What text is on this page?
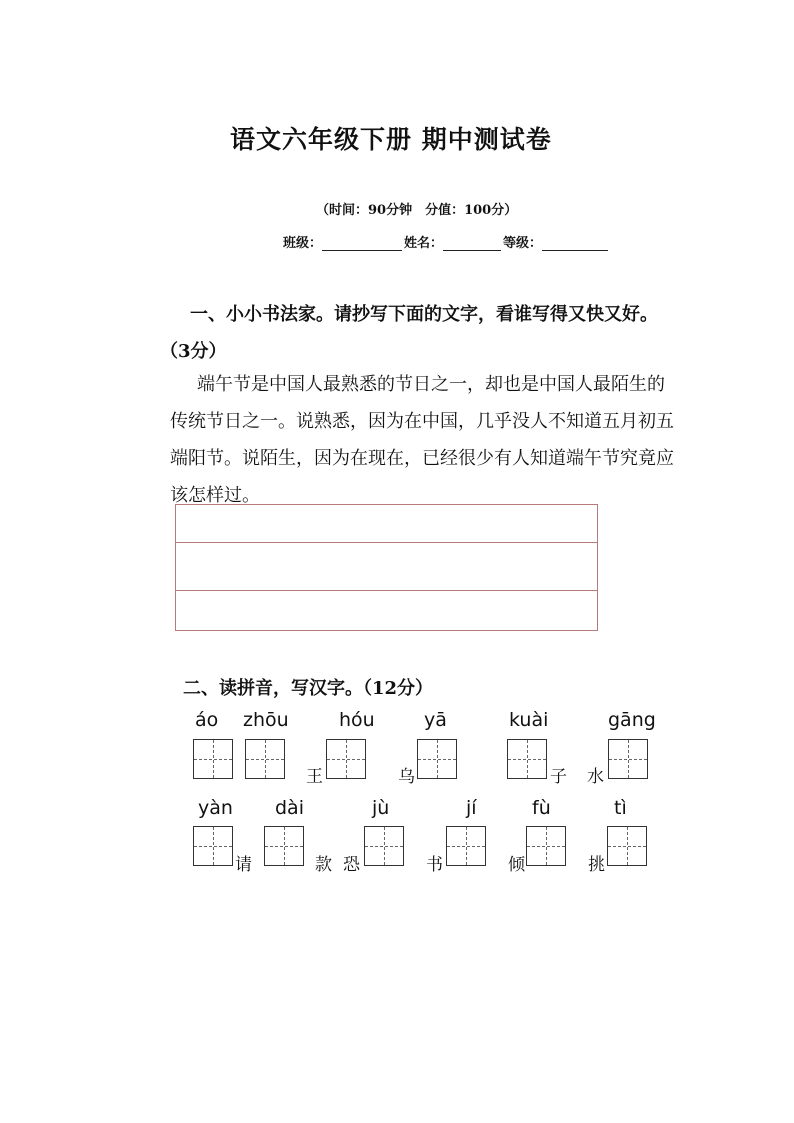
语文六年级下册 期中测试卷
（时间：90分钟　分值：100分）
班级：	姓名：	等级：
一、小小书法家。请抄写下面的文字，看谁写得又快又好。
（3分）
端午节是中国人最熟悉的节日之一，却也是中国人最陌生的
传统节日之一。说熟悉，因为在中国，几乎没人不知道五月初五
端阳节。说陌生，因为在现在，已经很少有人知道端午节究竟应
该怎样过。
二、读拼音，写汉字。（12分）
áo zhōu	hóu	yā	kuài	gāng
王	乌	子 水
yàn dài	jù	jí	fù	tì
请	款 恐	书	倾	挑
